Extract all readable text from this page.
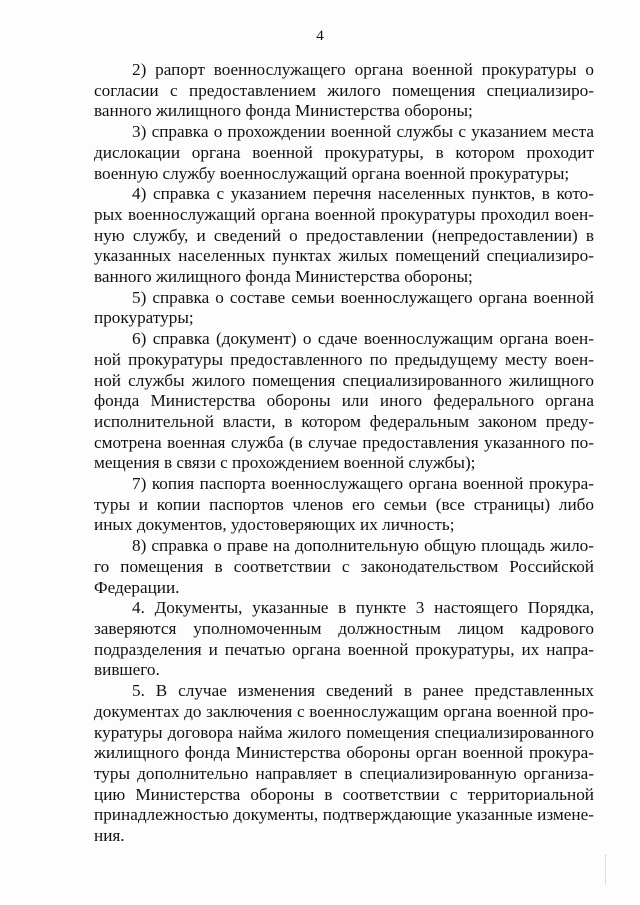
4

2) рапорт военнослужащего органа военной прокуратуры о согласии с предоставлением жилого помещения специализированного жилищного фонда Министерства обороны;

3) справка о прохождении военной службы с указанием места дислокации органа военной прокуратуры, в котором проходит военную службу военнослужащий органа военной прокуратуры;

4) справка с указанием перечня населенных пунктов, в которых военнослужащий органа военной прокуратуры проходил военную службу, и сведений о предоставлении (непредоставлении) в указанных населенных пунктах жилых помещений специализированного жилищного фонда Министерства обороны;

5) справка о составе семьи военнослужащего органа военной прокуратуры;

6) справка (документ) о сдаче военнослужащим органа военной прокуратуры предоставленного по предыдущему месту военной службы жилого помещения специализированного жилищного фонда Министерства обороны или иного федерального органа исполнительной власти, в котором федеральным законом предусмотрена военная служба (в случае предоставления указанного помещения в связи с прохождением военной службы);

7) копия паспорта военнослужащего органа военной прокуратуры и копии паспортов членов его семьи (все страницы) либо иных документов, удостоверяющих их личность;

8) справка о праве на дополнительную общую площадь жилого помещения в соответствии с законодательством Российской Федерации.

4. Документы, указанные в пункте 3 настоящего Порядка, заверяются уполномоченным должностным лицом кадрового подразделения и печатью органа военной прокуратуры, их направившего.

5. В случае изменения сведений в ранее представленных документах до заключения с военнослужащим органа военной прокуратуры договора найма жилого помещения специализированного жилищного фонда Министерства обороны орган военной прокуратуры дополнительно направляет в специализированную организацию Министерства обороны в соответствии с территориальной принадлежностью документы, подтверждающие указанные изменения.
